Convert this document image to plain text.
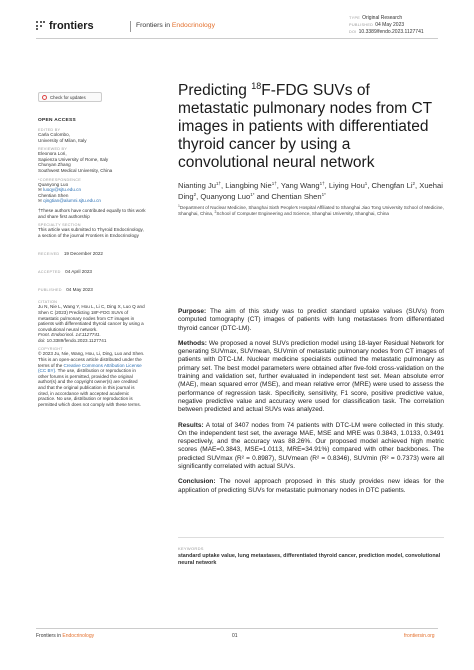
frontiers	Frontiers in Endocrinology
TYPE Original Research
PUBLISHED 04 May 2023
DOI 10.3389/fendo.2023.1127741
Check for updates
OPEN ACCESS
EDITED BY
Carla Colombo,
University of Milan, Italy
REVIEWED BY
Eleonora Lori,
Sapienza University of Rome, Italy
Chunyan Zhang
Southwest Medical University, China
*CORRESPONDENCE
Quanyong Luo
✉ luoqy@sjtu.edu.cn
Chentian Shen
✉ qingtian@alumni.sjtu.edu.cn
†These authors have contributed equally to this work and share first authorship
SPECIALTY SECTION
This article was submitted to Thyroid Endocrinology, a section of the journal Frontiers in Endocrinology
RECEIVED 19 December 2022
ACCEPTED 04 April 2023
PUBLISHED 04 May 2023
CITATION
Ju N, Nie L, Wang Y, Hou L, Li C, Ding X, Luo Q and Shen C (2023) Predicting 18F-FDG SUVs of metastatic pulmonary nodes from CT images in patients with differentiated thyroid cancer by using a convolutional neural network.
Front. Endocrinol. 14:1127741.
doi: 10.3389/fendo.2023.1127741
COPYRIGHT
© 2023 Ju, Nie, Wang, Hou, Li, Ding, Luo and Shen. This is an open-access article distributed under the terms of the Creative Commons Attribution License (CC BY). The use, distribution or reproduction in other forums is permitted, provided the original author(s) and the copyright owner(s) are credited and that the original publication in this journal is cited, in accordance with accepted academic practice. No use, distribution or reproduction is permitted which does not comply with these terms.
Predicting $^{18}$F-FDG SUVs of metastatic pulmonary nodes from CT images in patients with differentiated thyroid cancer by using a convolutional neural network
Nianting $Ju^{1\dagger}$, Liangbing Nie$^{1\dagger}$, Yang Wang$^{1\dagger}$, Liying Hou$^1$, Chengfan Li$^2$, Xuehai Ding$^2$, Quanyong Luo$^{1*}$ and Chentian Shen$^{1*}$
$^1$Department of Nuclear Medicine, Shanghai Sixth People's Hospital Affiliated to Shanghai Jiao Tong University School of Medicine, Shanghai, China, $^2$School of Computer Engineering and Science, Shanghai University, Shanghai, China

Purpose: The aim of this study was to predict standard uptake values (SUVs) from computed tomography (CT) images of patients with lung metastases from differentiated thyroid cancer (DTC-LM).

Methods: We proposed a novel SUVs prediction model using 18-layer Residual Network for generating SUVmax, SUVmean, SUVmin of metastatic pulmonary nodes from CT images of patients with DTC-LM. Nuclear medicine specialists outlined the metastatic pulmonary as primary set. The best model parameters were obtained after five-fold cross-validation on the training and validation set, further evaluated in independent test set. Mean absolute error (MAE), mean squared error (MSE), and mean relative error (MRE) were used to assess the performance of regression task. Specificity, sensitivity, F1 score, positive predictive value, negative predictive value and accuracy were used for classification task. The correlation between predicted and actual SUVs was analyzed.

Results: A total of 3407 nodes from 74 patients with DTC-LM were collected in this study. On the independent test set, the average MAE, MSE and MRE was 0.3843, 1.0133, 0.3491 respectively, and the accuracy was 88.26%. Our proposed model achieved high metric scores (MAE=0.3843, MSE=1.0113, MRE=34.91%) compared with other backbones. The predicted SUVmax (R² = 0.8987), SUVmean (R² = 0.8346), SUVmin (R² = 0.7373) were all significantly correlated with actual SUVs.

Conclusion: The novel approach proposed in this study provides new ideas for the application of predicting SUVs for metastatic pulmonary nodes in DTC patients.

KEYWORDS
standard uptake value, lung metastases, differentiated thyroid cancer, prediction model, convolutional neural network
Frontiers in Endocrinology	01	frontiersin.org
